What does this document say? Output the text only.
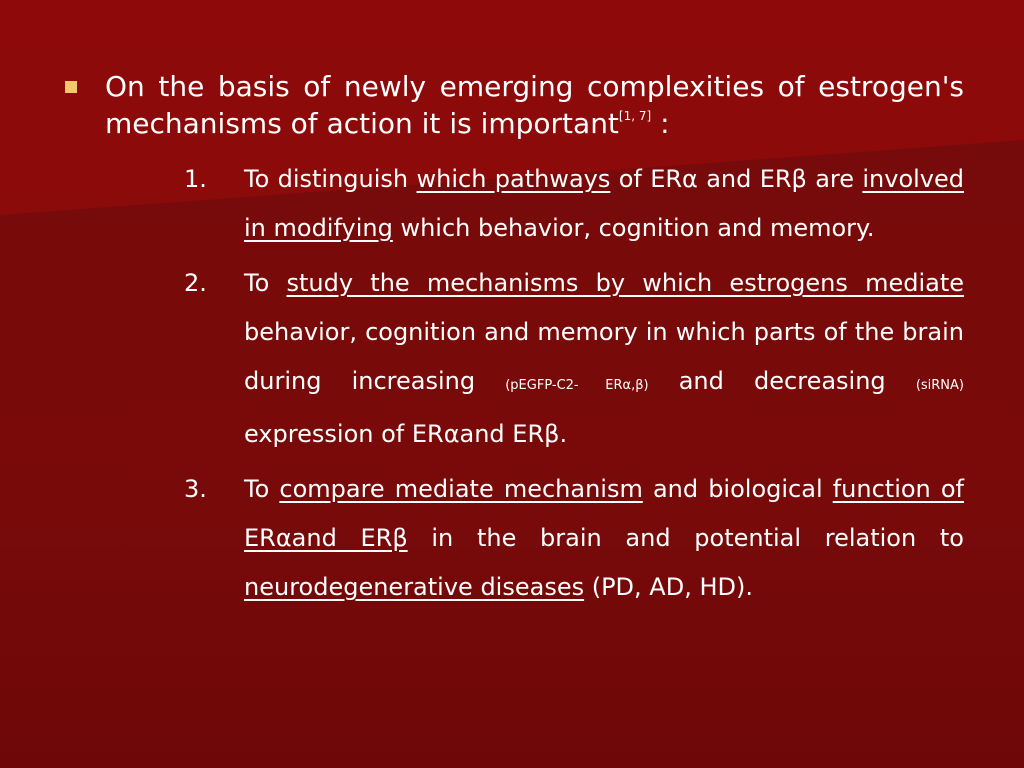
On the basis of newly emerging complexities of estrogen's mechanisms of action it is important[1, 7] :

1. To distinguish which pathways of ERα and ERβ are involved in modifying which behavior, cognition and memory.

2. To study the mechanisms by which estrogens mediate behavior, cognition and memory in which parts of the brain during increasing (pEGFP-C2- ERα,β) and decreasing (siRNA) expression of ERαand ERβ.

3. To compare mediate mechanism and biological function of ERαand ERβ in the brain and potential relation to neurodegenerative diseases (PD, AD, HD).
